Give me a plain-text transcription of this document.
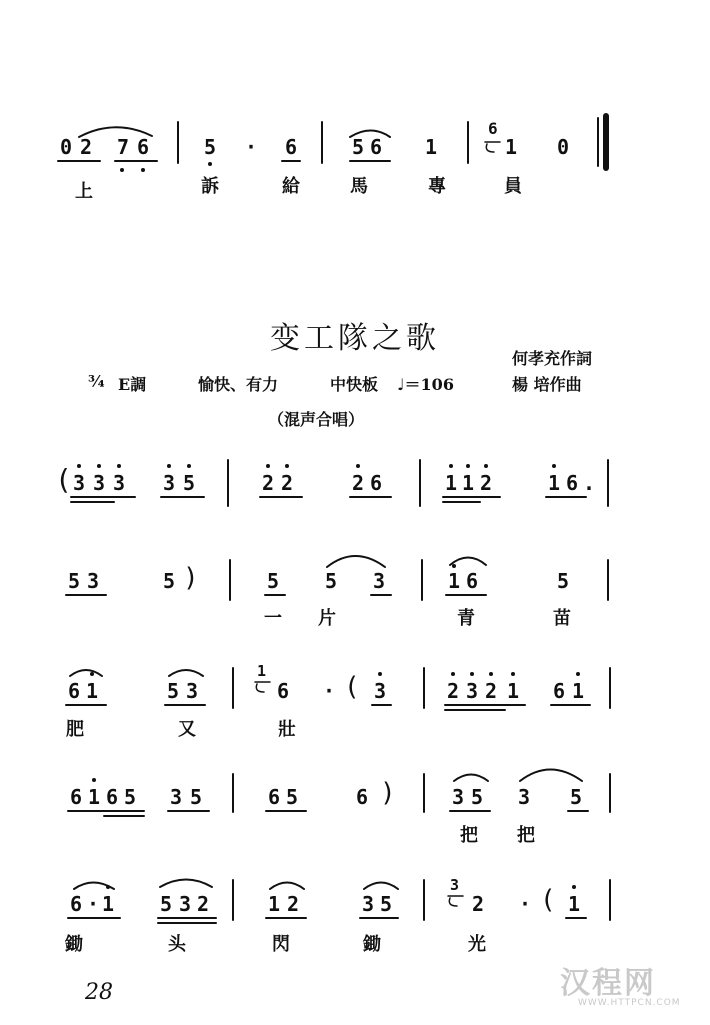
0 2 7 6	5 · 6	5 6 1
6
1 0
上	訴	給	馬	專	員
变工隊之歌
何孝充作詞
¾ E調	愉快、有力	中快板 ♩＝106	楊 培作曲
（混声合唱）
( 3 3 3 3 5	2 2	2 6	1 1 2	1 6 .
5 3	5 )	5 5 3	1 6	5
一 片	青	苗
6 1	5 3
1
6 · ( 3	2 3 2 1 6 1
肥	又	壯
6 1 6 5 3 5	6 5	6 )	3 5 3 5
把 把
6 · 1 5 3 2	1 2	3 5
3
2 · ( 1
鋤	头	閃	鋤	光
28	汉程网
WWW.HTTPCN.COM
